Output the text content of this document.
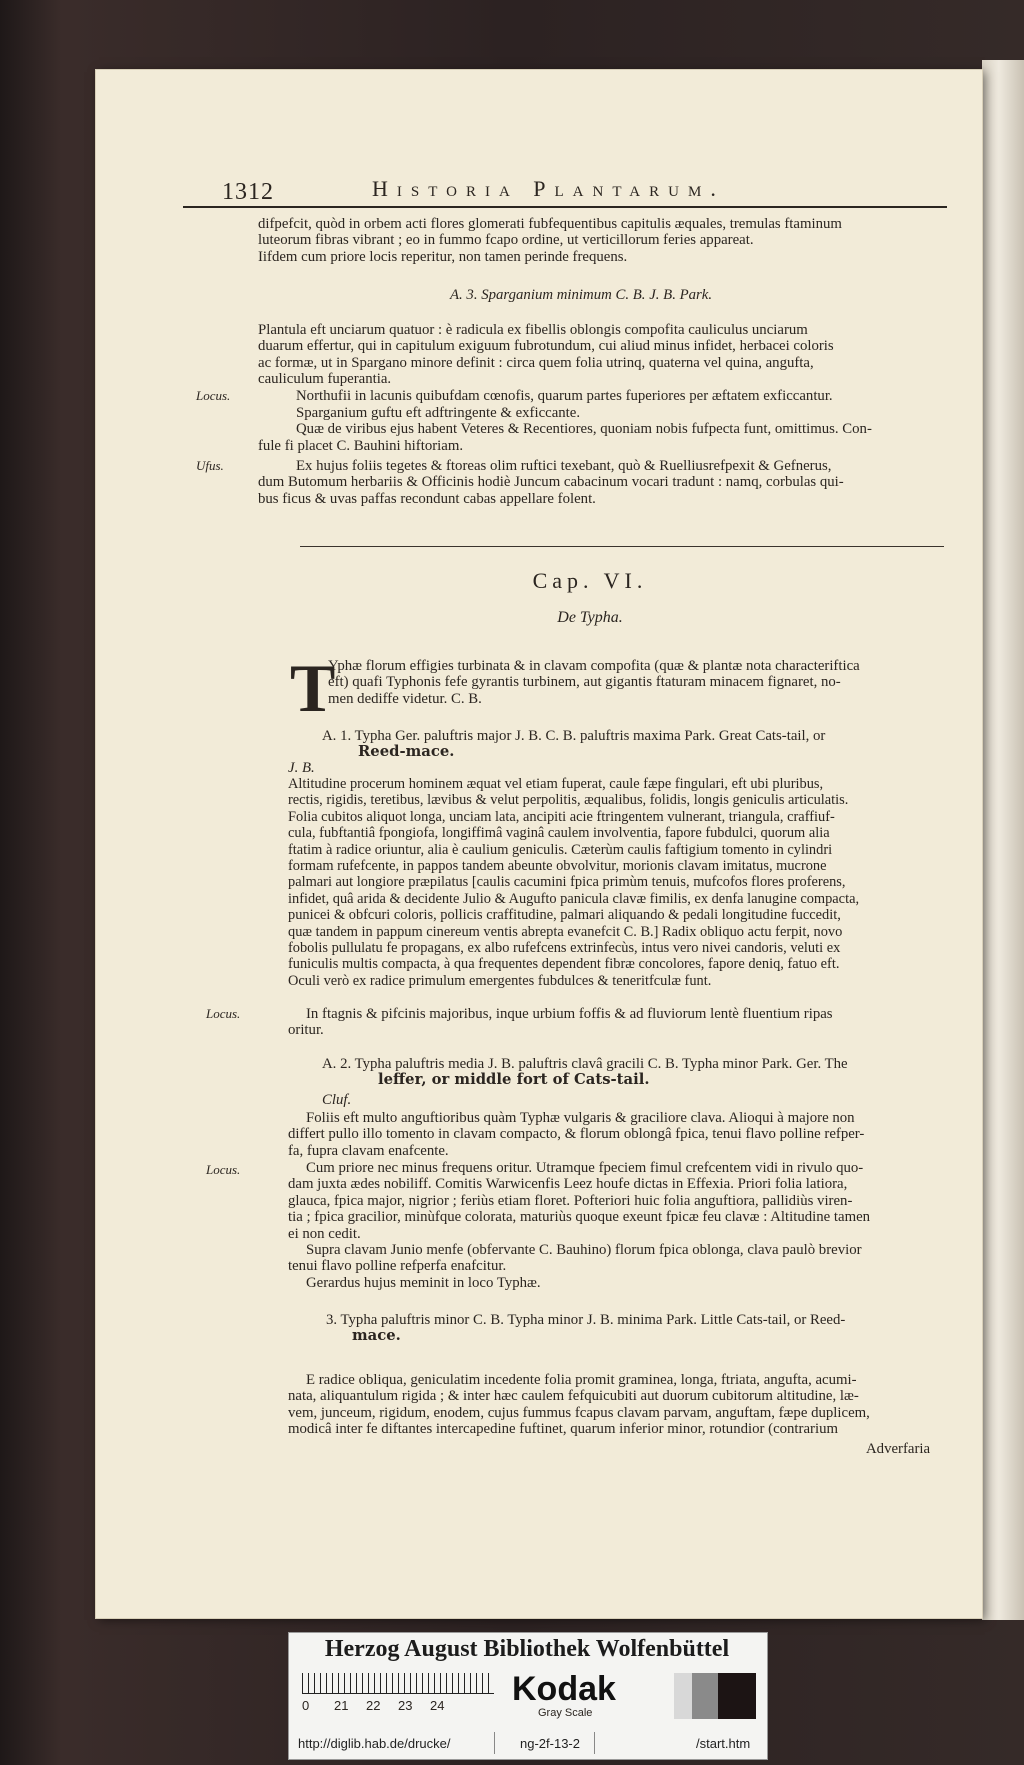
1312	Historia Plantarum.
difpefcit, quòd in orbem acti flores glomerati fubfequentibus capitulis æquales, tremulas ftaminum
luteorum fibras vibrant ; eo in fummo fcapo ordine, ut verticillorum feries appareat.
Iifdem cum priore locis reperitur, non tamen perinde frequens.
A. 3. Sparganium minimum C. B. J. B. Park.
Plantula eft unciarum quatuor : è radicula ex fibellis oblongis compofita cauliculus unciarum
duarum effertur, qui in capitulum exiguum fubrotundum, cui aliud minus infidet, herbacei coloris
ac formæ, ut in Spargano minore definit : circa quem folia utrinq, quaterna vel quina, angufta,
cauliculum fuperantia.
Locus.	Northufii in lacunis quibufdam cœnofis, quarum partes fuperiores per æftatem exficcantur.
Sparganium guftu eft adftringente & exficcante.
Quæ de viribus ejus habent Veteres & Recentiores, quoniam nobis fufpecta funt, omittimus. Con-
fule fi placet C. Bauhini hiftoriam.
Ufus.	Ex hujus foliis tegetes & ftoreas olim ruftici texebant, quò & Ruelliusrefpexit & Gefnerus,
dum Butomum herbariis & Officinis hodiè Juncum cabacinum vocari tradunt : namq, corbulas qui-
bus ficus & uvas paffas recondunt cabas appellare folent.
Cap. VI.
De Typha.
T
Yphæ florum effigies turbinata & in clavam compofita (quæ & plantæ nota characteriftica
eft) quafi Typhonis fefe gyrantis turbinem, aut gigantis ftaturam minacem fignaret, no-
men dediffe videtur. C. B.
A. 1. Typha Ger. paluftris major J. B. C. B. paluftris maxima Park. Great Cats-tail, or
Reed-mace.
J. B.
Altitudine procerum hominem æquat vel etiam fuperat, caule fæpe fingulari, eft ubi pluribus,
rectis, rigidis, teretibus, lævibus & velut perpolitis, æqualibus, folidis, longis geniculis articulatis.
Folia cubitos aliquot longa, unciam lata, ancipiti acie ftringentem vulnerant, triangula, craffiuf-
cula, fubftantiâ fpongiofa, longiffimâ vaginâ caulem involventia, fapore fubdulci, quorum alia
ftatim à radice oriuntur, alia è caulium geniculis. Cæterùm caulis faftigium tomento in cylindri
formam rufefcente, in pappos tandem abeunte obvolvitur, morionis clavam imitatus, mucrone
palmari aut longiore præpilatus [caulis cacumini fpica primùm tenuis, mufcofos flores proferens,
infidet, quâ arida & decidente Julio & Augufto panicula clavæ fimilis, ex denfa lanugine compacta,
punicei & obfcuri coloris, pollicis craffitudine, palmari aliquando & pedali longitudine fuccedit,
quæ tandem in pappum cinereum ventis abrepta evanefcit C. B.] Radix obliquo actu ferpit, novo
fobolis pullulatu fe propagans, ex albo rufefcens extrinfecùs, intus vero nivei candoris, veluti ex
funiculis multis compacta, à qua frequentes dependent fibræ concolores, fapore deniq, fatuo eft.
Oculi verò ex radice primulum emergentes fubdulces & teneritfculæ funt.
Locus.	In ftagnis & pifcinis majoribus, inque urbium foffis & ad fluviorum lentè fluentium ripas
oritur.
A. 2. Typha paluftris media J. B. paluftris clavâ gracili C. B. Typha minor Park. Ger. The
leffer, or middle fort of Cats-tail.
Cluf.
Foliis eft multo anguftioribus quàm Typhæ vulgaris & graciliore clava. Alioqui à majore non
differt pullo illo tomento in clavam compacto, & florum oblongâ fpica, tenui flavo polline refper-
fa, fupra clavam enafcente.
Locus.	Cum priore nec minus frequens oritur. Utramque fpeciem fimul crefcentem vidi in rivulo quo-
dam juxta ædes nobiliff. Comitis Warwicenfis Leez houfe dictas in Effexia. Priori folia latiora,
glauca, fpica major, nigrior ; feriùs etiam floret. Pofteriori huic folia anguftiora, pallidiùs viren-
tia ; fpica gracilior, minùfque colorata, maturiùs quoque exeunt fpicæ feu clavæ : Altitudine tamen
ei non cedit.
Supra clavam Junio menfe (obfervante C. Bauhino) florum fpica oblonga, clava paulò brevior
tenui flavo polline refperfa enafcitur.
Gerardus hujus meminit in loco Typhæ.
3. Typha paluftris minor C. B. Typha minor J. B. minima Park. Little Cats-tail, or Reed-
mace.
E radice obliqua, geniculatim incedente folia promit graminea, longa, ftriata, angufta, acumi-
nata, aliquantulum rigida ; & inter hæc caulem fefquicubiti aut duorum cubitorum altitudine, læ-
vem, junceum, rigidum, enodem, cujus fummus fcapus clavam parvam, anguftam, fæpe duplicem,
modicâ inter fe diftantes intercapedine fuftinet, quarum inferior minor, rotundior (contrarium
Adverfaria
Herzog August Bibliothek Wolfenbüttel
0 21 22 23 24	Kodak
Gray Scale
http://diglib.hab.de/drucke/	ng-2f-13-2	/start.htm
